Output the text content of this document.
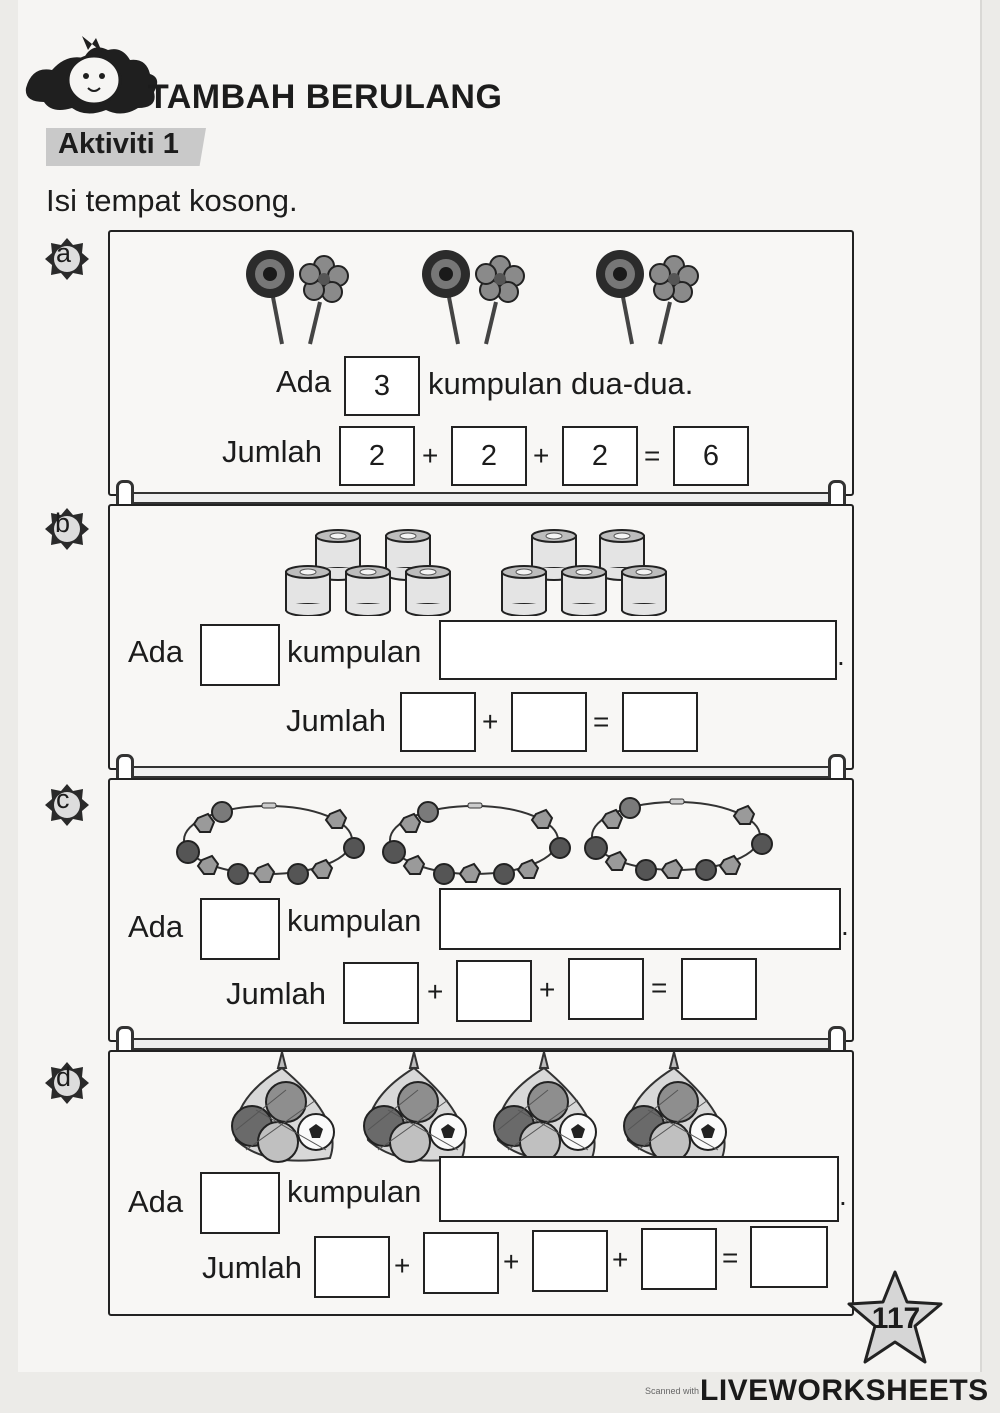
TAMBAH BERULANG
Aktiviti 1
Isi tempat kosong.
a
Ada	3	kumpulan dua-dua.
Jumlah	2	+	2	+	2	=	6
b
Ada	kumpulan	.
Jumlah	+	=
c
Ada	kumpulan	.
Jumlah	+	+	=
d
Ada	kumpulan	.
Jumlah	+	+	+	=
117
Scanned with LIVEWORKSHEETS
